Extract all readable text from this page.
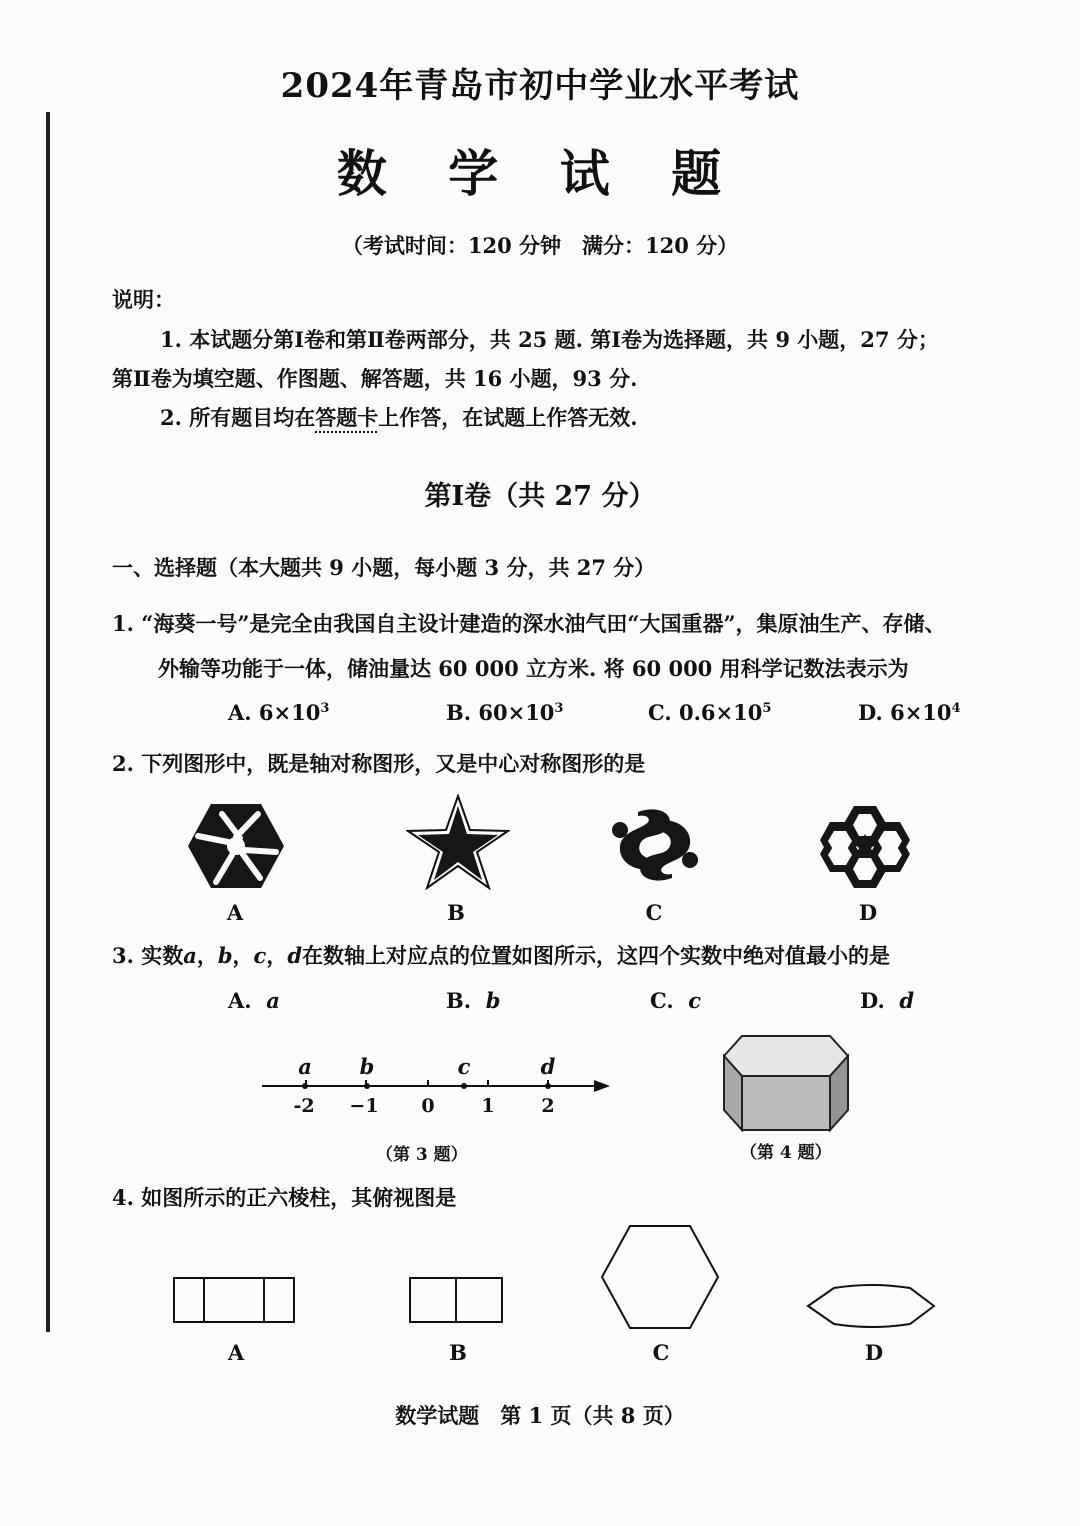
2024年青岛市初中学业水平考试
数 学 试 题
（考试时间：120 分钟　满分：120 分）
说明：
1. 本试题分第Ⅰ卷和第Ⅱ卷两部分，共 25 题. 第Ⅰ卷为选择题，共 9 小题，27 分；
第Ⅱ卷为填空题、作图题、解答题，共 16 小题，93 分.
2. 所有题目均在答题卡上作答，在试题上作答无效.
第Ⅰ卷（共 27 分）
一、选择题（本大题共 9 小题，每小题 3 分，共 27 分）
1. “海葵一号”是完全由我国自主设计建造的深水油气田“大国重器”，集原油生产、存储、
外输等功能于一体，储油量达 60 000 立方米. 将 60 000 用科学记数法表示为
A. $6\times 10^3$	B. $60\times 10^3$	C. $0.6\times 10^5$	D. $6\times 10^4$
2. 下列图形中，既是轴对称图形，又是中心对称图形的是
A	B	C	D
3. 实数a，b，c，d在数轴上对应点的位置如图所示，这四个实数中绝对值最小的是
A. a	B. b	C. c	D. d
a b	c	d
-2 −1 0 1 2
（第 3 题）	（第 4 题）
4. 如图所示的正六棱柱，其俯视图是
A	B	C	D
数学试题　第 1 页（共 8 页）
